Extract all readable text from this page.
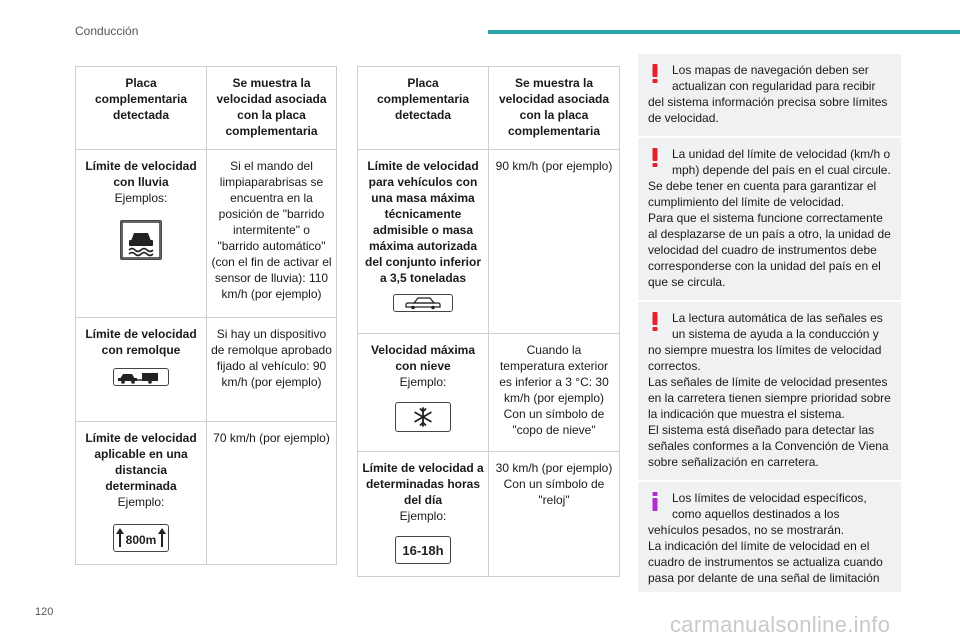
Conducción
Placa complementaria detectada	Se muestra la velocidad asociada con la placa complementaria

Límite de velocidad con lluvia
Ejemplos:	Si el mando del limpiaparabrisas se encuentra en la posición de "barrido intermitente" o "barrido automático" (con el fin de activar el sensor de lluvia): 110 km/h (por ejemplo)

Límite de velocidad con remolque	Si hay un dispositivo de remolque aprobado fijado al vehículo: 90 km/h (por ejemplo)

Límite de velocidad aplicable en una distancia determinada
Ejemplo:

800m	70 km/h (por ejemplo)
Placa complementaria detectada	Se muestra la velocidad asociada con la placa complementaria

Límite de velocidad para vehículos con una masa máxima técnicamente admisible o masa máxima autorizada del conjunto inferior a 3,5 toneladas	90 km/h (por ejemplo)

Velocidad máxima con nieve
Ejemplo:	Cuando la temperatura exterior es inferior a 3 °C: 30 km/h (por ejemplo) Con un símbolo de "copo de nieve"

Límite de velocidad a determinadas horas del día
Ejemplo:

16-18h	30 km/h (por ejemplo) Con un símbolo de "reloj"

Los mapas de navegación deben ser actualizan con regularidad para recibir del sistema información precisa sobre límites de velocidad.

La unidad del límite de velocidad (km/h o mph) depende del país en el cual circule. Se debe tener en cuenta para garantizar el cumplimiento del límite de velocidad.

Para que el sistema funcione correctamente al desplazarse de un país a otro, la unidad de velocidad del cuadro de instrumentos debe corresponderse con la unidad del país en el que se circula.

La lectura automática de las señales es un sistema de ayuda a la conducción y no siempre muestra los límites de velocidad correctos.

Las señales de límite de velocidad presentes en la carretera tienen siempre prioridad sobre la indicación que muestra el sistema.

El sistema está diseñado para detectar las señales conformes a la Convención de Viena sobre señalización en carretera.

Los límites de velocidad específicos, como aquellos destinados a los vehículos pesados, no se mostrarán.

La indicación del límite de velocidad en el cuadro de instrumentos se actualiza cuando pasa por delante de una señal de limitación

120	carmanualsonline.info
